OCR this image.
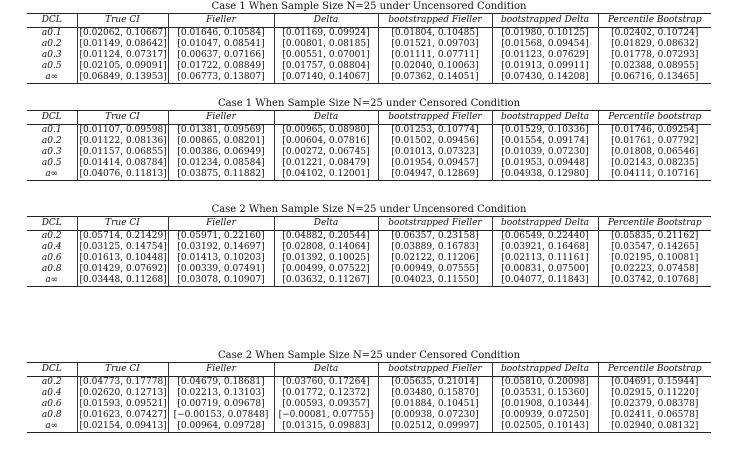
Case 1 When Sample Size N=25 under Uncensored Condition
DCL	True CI	Fieller	Delta	bootstrapped Fieller	bootstrapped Delta	Percentile Bootstrap
a0.1	[0.02062, 0.10667]	[0.01646, 0.10584]	[0.01169, 0.09924]	[0.01804, 0.10485]	[0.01980, 0.10125]	[0.02402, 0.10724]
a0.2	[0.01149, 0.08642]	[0.01047, 0.08541]	[0.00801, 0.08185]	[0.01521, 0.09703]	[0.01568, 0.09454]	[0.01829, 0.08632]
a0.3	[0.01124, 0.07317]	[0.00637, 0.07166]	[0.00551, 0.07001]	[0.01111, 0.07711]	[0.01123, 0.07629]	[0.01778, 0.07293]
a0.5	[0.02105, 0.09091]	[0.01722, 0.08849]	[0.01757, 0.08804]	[0.02040, 0.10063]	[0.01913, 0.09911]	[0.02388, 0.08955]
a∞	[0.06849, 0.13953]	[0.06773, 0.13807]	[0.07140, 0.14067]	[0.07362, 0.14051]	[0.07430, 0.14208]	[0.06716, 0.13465]
Case 1 When Sample Size N=25 under Censored Condition
DCL	True CI	Fieller	Delta	bootstrapped Fieller	bootstrapped Delta	Percentile bootstrap
a0.1	[0.01107, 0.09598]	[0.01381, 0.09569]	[0.00965, 0.08980]	[0.01253, 0.10774]	[0.01529, 0.10336]	[0.01746, 0.09254]
a0.2	[0.01122, 0.08136]	[0.00865, 0.08201]	[0.00604, 0.07816]	[0.01502, 0.09456]	[0.01554, 0.09174]	[0.01761, 0.07792]
a0.3	[0.01157, 0.06855]	[0.00386, 0.06949]	[0.00272, 0.06745]	[0.01013, 0.07323]	[0.01039, 0.07230]	[0.01808, 0.06546]
a0.5	[0.01414, 0.08784]	[0.01234, 0.08584]	[0.01221, 0.08479]	[0.01954, 0.09457]	[0.01953, 0.09448]	[0.02143, 0.08235]
a∞	[0.04076, 0.11813]	[0.03875, 0.11882]	[0.04102, 0.12001]	[0.04947, 0.12869]	[0.04938, 0.12980]	[0.04111, 0.10716]
Case 2 When Sample Size N=25 under Uncensored Condition
DCL	True CI	Fieller	Delta	bootstrapped Fieller	bootstrapped Delta	Percentile Bootstrap
a0.2	[0.05714, 0.21429]	[0.05971, 0.22160]	[0.04882, 0.20544]	[0.06357, 0.23158]	[0.06549, 0.22440]	[0.05835, 0.21162]
a0.4	[0.03125, 0.14754]	[0.03192, 0.14697]	[0.02808, 0.14064]	[0.03889, 0.16783]	[0.03921, 0.16468]	[0.03547, 0.14265]
a0.6	[0.01613, 0.10448]	[0.01413, 0.10203]	[0.01392, 0.10025]	[0.02122, 0.11206]	[0.02113, 0.11161]	[0.02195, 0.10081]
a0.8	[0.01429, 0.07692]	[0.00339, 0.07491]	[0.00499, 0.07522]	[0.00949, 0.07555]	[0.00831, 0.07500]	[0.02223, 0.07458]
a∞	[0.03448, 0.11268]	[0.03078, 0.10907]	[0.03632, 0.11267]	[0.04023, 0.11550]	[0.04077, 0.11843]	[0.03742, 0.10768]
Case 2 When Sample Size N=25 under Censored Condition
DCL	True CI	Fieller	Delta	bootstrapped Fieller	bootstrapped Delta	Percentile Bootstrap
a0.2	[0.04773, 0.17778]	[0.04679, 0.18681]	[0.03760, 0.17264]	[0.05635, 0.21014]	[0.05810, 0.20098]	[0.04691, 0.15944]
a0.4	[0.02620, 0.12713]	[0.02213, 0.13103]	[0.01772, 0.12372]	[0.03480, 0.15870]	[0.03531, 0.15360]	[0.02915, 0.11220]
a0.6	[0.01593, 0.09521]	[0.00719, 0.09678]	[0.00593, 0.09357]	[0.01884, 0.10451]	[0.01908, 0.10344]	[0.02379, 0.08378]
a0.8	[0.01623, 0.07427]	[−0.00153, 0.07848]	[−0.00081, 0.07755]	[0.00938, 0.07230]	[0.00939, 0.07250]	[0.02411, 0.06578]
a∞	[0.02154, 0.09413]	[0.00964, 0.09728]	[0.01315, 0.09883]	[0.02512, 0.09997]	[0.02505, 0.10143]	[0.02940, 0.08132]
